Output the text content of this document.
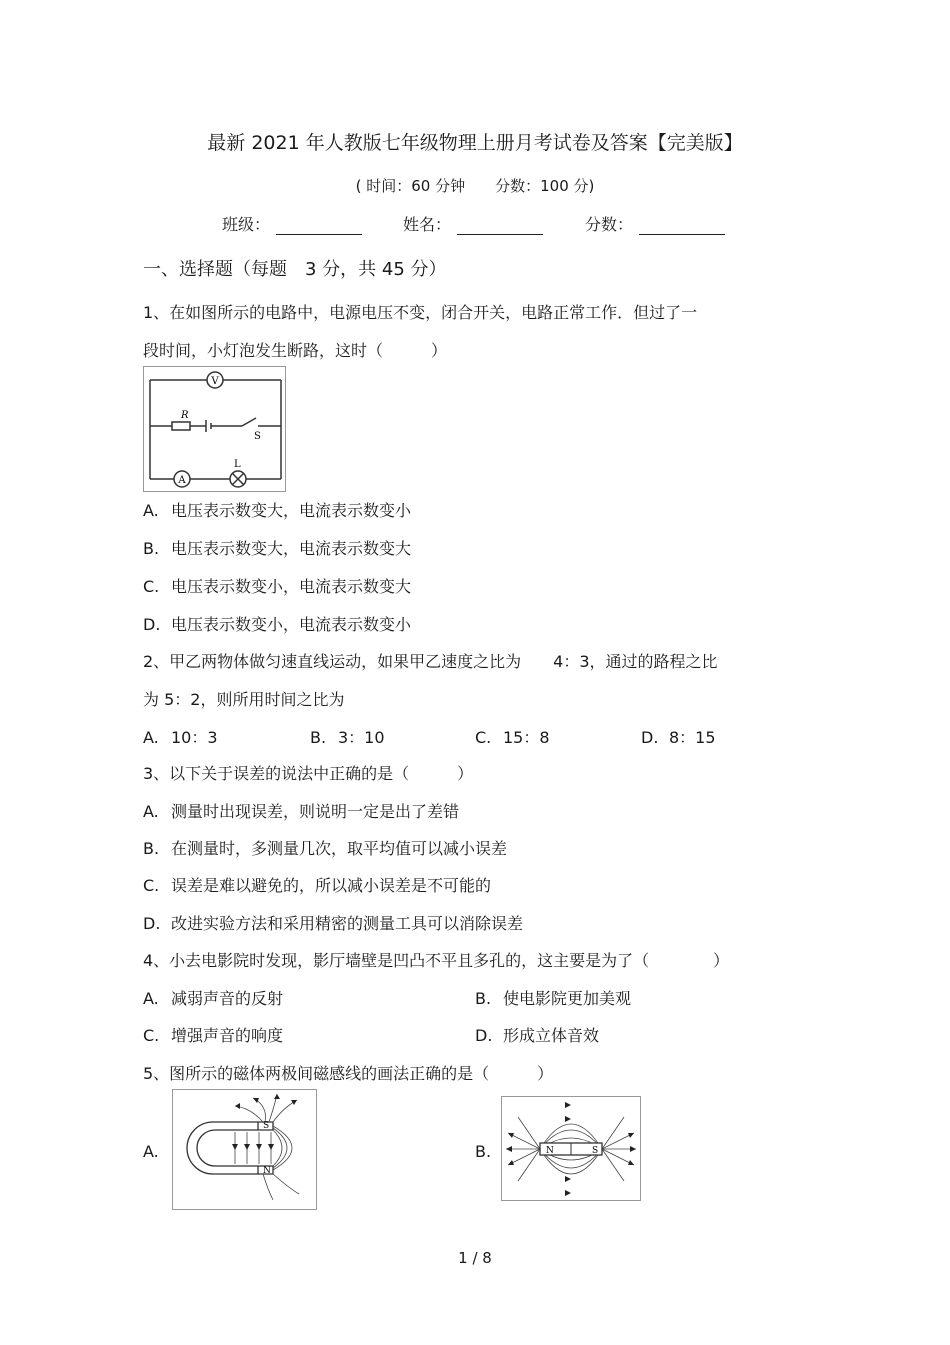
最新 2021 年人教版七年级物理上册月考试卷及答案【完美版】
( 时间：60 分钟　　分数：100 分)
班级：	姓名：	分数：
一、选择题（每题　3 分，共 45 分）
1、在如图所示的电路中，电源电压不变，闭合开关，电路正常工作．但过了一
段时间，小灯泡发生断路，这时（　　　）
V
R
S
A
L
A. 电压表示数变大，电流表示数变小
B. 电压表示数变大，电流表示数变大
C. 电压表示数变小，电流表示数变大
D. 电压表示数变小，电流表示数变小
2、甲乙两物体做匀速直线运动，如果甲乙速度之比为　　4：3，通过的路程之比
为 5：2，则所用时间之比为
A. 10：3	B. 3：10	C. 15：8	D. 8：15
3、以下关于误差的说法中正确的是（　　　）
A. 测量时出现误差，则说明一定是出了差错
B. 在测量时，多测量几次，取平均值可以减小误差
C. 误差是难以避免的，所以减小误差是不可能的
D. 改进实验方法和采用精密的测量工具可以消除误差
4、小去电影院时发现，影厅墙壁是凹凸不平且多孔的，这主要是为了（　　　　）
A. 减弱声音的反射	B. 使电影院更加美观
C. 增强声音的响度	D. 形成立体音效
5、图所示的磁体两极间磁感线的画法正确的是（　　　）
A.
S
N
B.	N	S
1 / 8
